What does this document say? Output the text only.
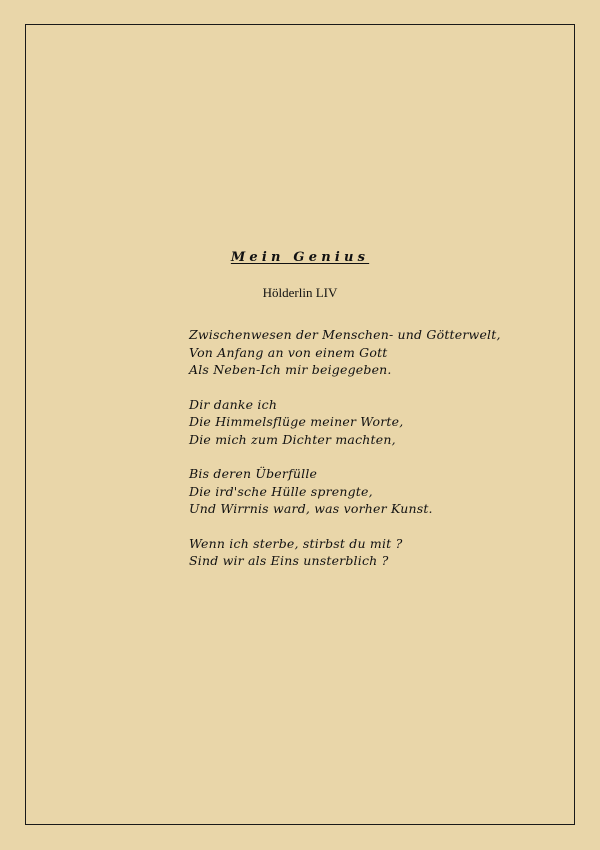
Mein Genius
Hölderlin LIV
Zwischenwesen der Menschen- und Götterwelt,
Von Anfang an von einem Gott
Als Neben-Ich mir beigegeben.
Dir danke ich
Die Himmelsflüge meiner Worte,
Die mich zum Dichter machten,
Bis deren Überfülle
Die ird'sche Hülle sprengte,
Und Wirrnis ward, was vorher Kunst.
Wenn ich sterbe, stirbst du mit ?
Sind wir als Eins unsterblich ?
